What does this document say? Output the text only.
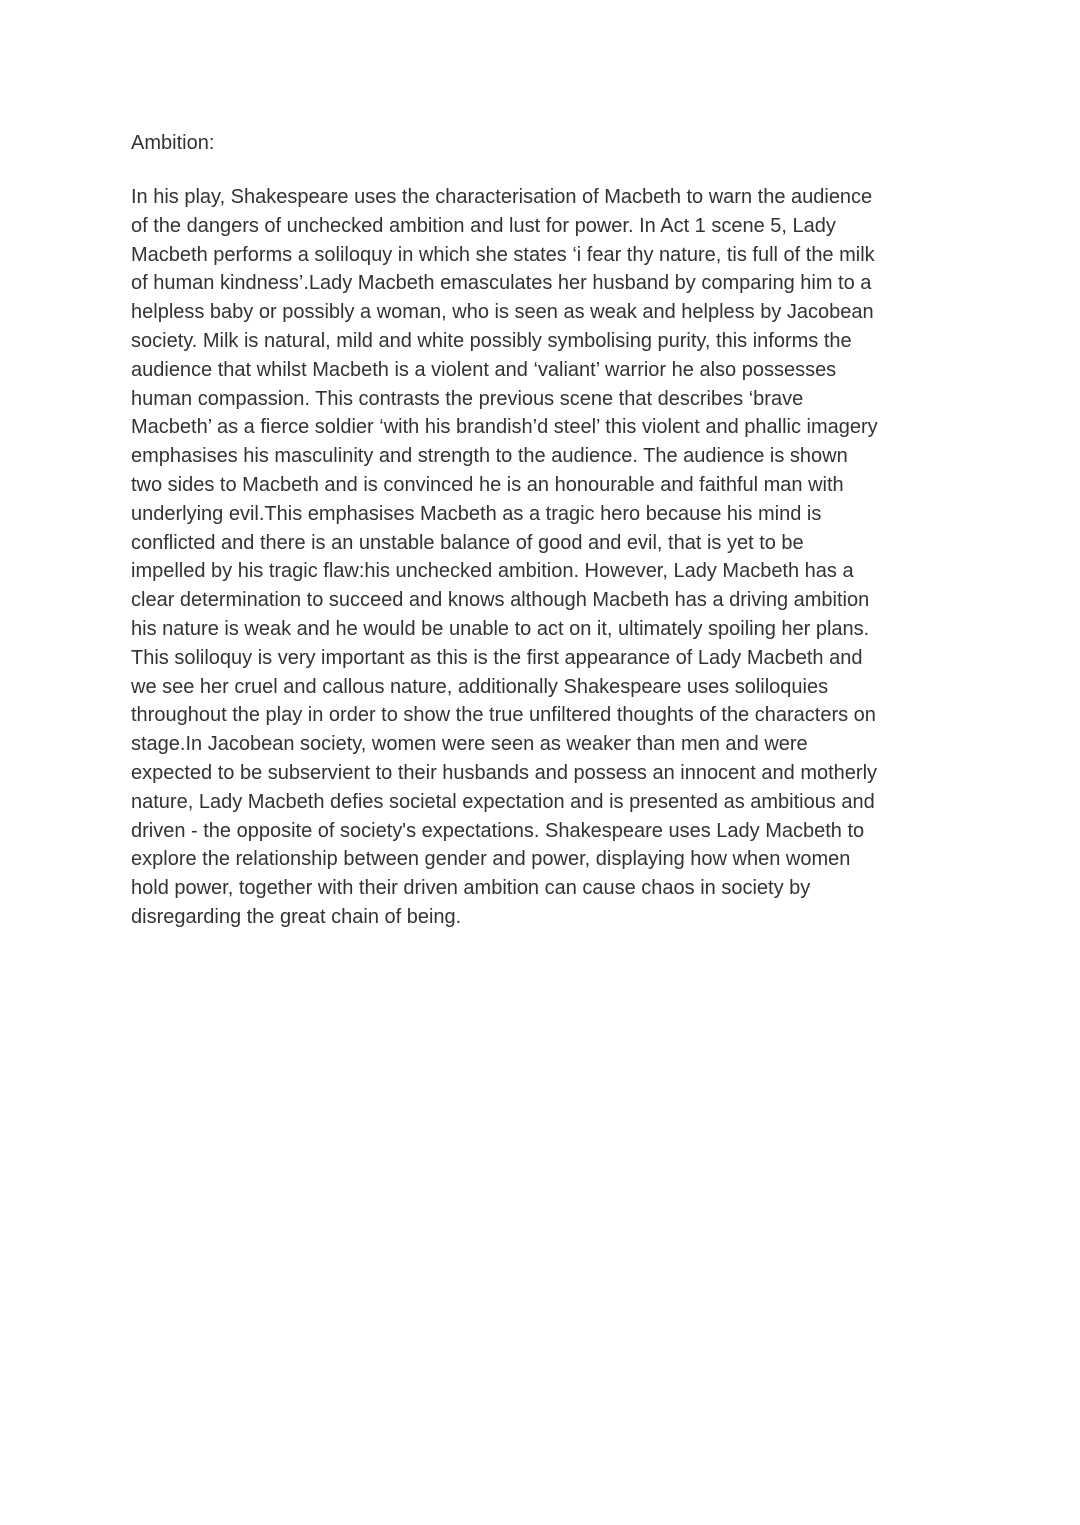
Ambition:
In his play, Shakespeare uses the characterisation of Macbeth to warn the audience
of the dangers of unchecked ambition and lust for power. In Act 1 scene 5, Lady
Macbeth performs a soliloquy in which she states ‘i fear thy nature, tis full of the milk
of human kindness’.Lady Macbeth emasculates her husband by comparing him to a
helpless baby or possibly a woman, who is seen as weak and helpless by Jacobean
society. Milk is natural, mild and white possibly symbolising purity, this informs the
audience that whilst Macbeth is a violent and ‘valiant’ warrior he also possesses
human compassion. This contrasts the previous scene that describes ‘brave
Macbeth’ as a fierce soldier ‘with his brandish’d steel’ this violent and phallic imagery
emphasises his masculinity and strength to the audience. The audience is shown
two sides to Macbeth and is convinced he is an honourable and faithful man with
underlying evil.This emphasises Macbeth as a tragic hero because his mind is
conflicted and there is an unstable balance of good and evil, that is yet to be
impelled by his tragic flaw:his unchecked ambition. However, Lady Macbeth has a
clear determination to succeed and knows although Macbeth has a driving ambition
his nature is weak and he would be unable to act on it, ultimately spoiling her plans.
This soliloquy is very important as this is the first appearance of Lady Macbeth and
we see her cruel and callous nature, additionally Shakespeare uses soliloquies
throughout the play in order to show the true unfiltered thoughts of the characters on
stage.In Jacobean society, women were seen as weaker than men and were
expected to be subservient to their husbands and possess an innocent and motherly
nature, Lady Macbeth defies societal expectation and is presented as ambitious and
driven - the opposite of society's expectations. Shakespeare uses Lady Macbeth to
explore the relationship between gender and power, displaying how when women
hold power, together with their driven ambition can cause chaos in society by
disregarding the great chain of being.
